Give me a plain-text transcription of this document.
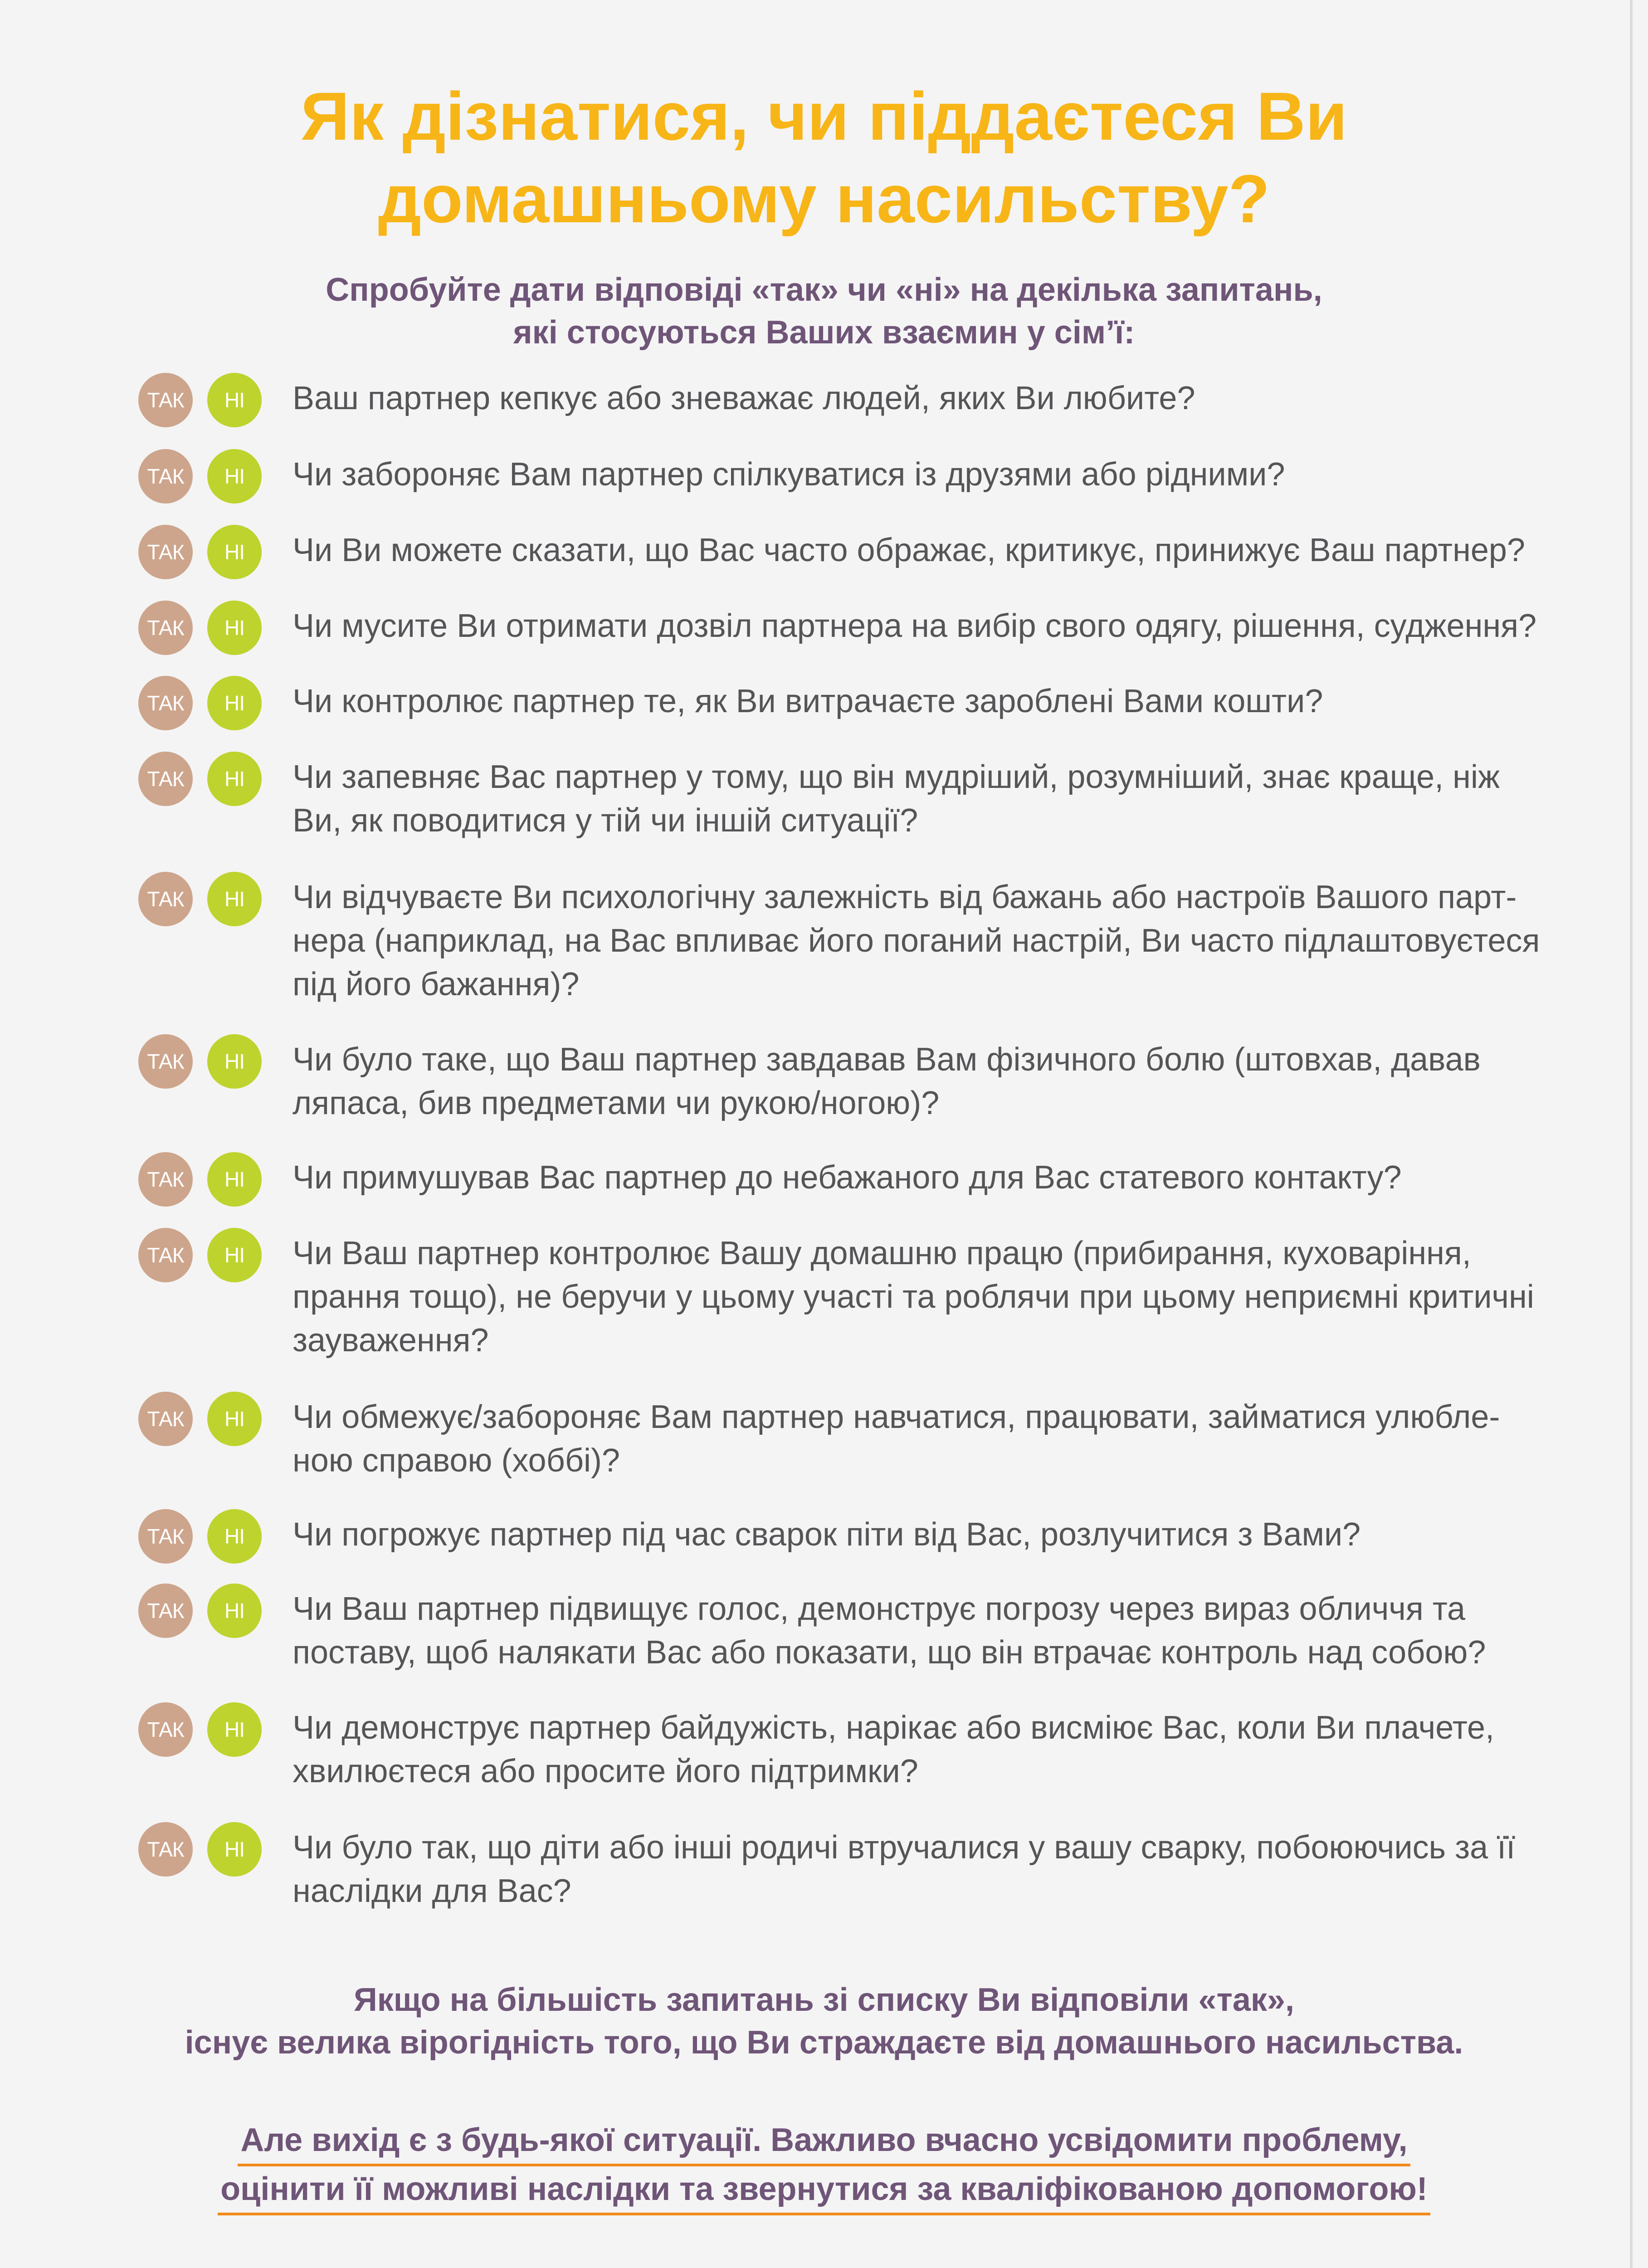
Як дізнатися, чи піддаєтеся Ви
домашньому насильству?
Спробуйте дати відповіді «так» чи «ні» на декілька запитань,
які стосуються Ваших взаємин у сім’ї:
ТАК	НІ	Ваш партнер кепкує або зневажає людей, яких Ви любите?
ТАК	НІ	Чи забороняє Вам партнер спілкуватися із друзями або рідними?
ТАК	НІ	Чи Ви можете сказати, що Вас часто ображає, критикує, принижує Ваш партнер?
ТАК	НІ	Чи мусите Ви отримати дозвіл партнера на вибір свого одягу, рішення, судження?
ТАК	НІ	Чи контролює партнер те, як Ви витрачаєте зароблені Вами кошти?
ТАК	НІ	Чи запевняє Вас партнер у тому, що він мудріший, розумніший, знає краще, ніж
Ви, як поводитися у тій чи іншій ситуації?
ТАК	НІ	Чи відчуваєте Ви психологічну залежність від бажань або настроїв Вашого парт-
нера (наприклад, на Вас впливає його поганий настрій, Ви часто підлаштовуєтеся
під його бажання)?
ТАК	НІ	Чи було таке, що Ваш партнер завдавав Вам фізичного болю (штовхав, давав
ляпаса, бив предметами чи рукою/ногою)?
ТАК	НІ	Чи примушував Вас партнер до небажаного для Вас статевого контакту?
ТАК	НІ	Чи Ваш партнер контролює Вашу домашню працю (прибирання, куховаріння,
прання тощо), не беручи у цьому участі та роблячи при цьому неприємні критичні
зауваження?
ТАК	НІ	Чи обмежує/забороняє Вам партнер навчатися, працювати, займатися улюбле-
ною справою (хоббі)?
ТАК	НІ	Чи погрожує партнер під час сварок піти від Вас, розлучитися з Вами?
ТАК	НІ	Чи Ваш партнер підвищує голос, демонструє погрозу через вираз обличчя та
поставу, щоб налякати Вас або показати, що він втрачає контроль над собою?
ТАК	НІ	Чи демонструє партнер байдужість, нарікає або висміює Вас, коли Ви плачете,
хвилюєтеся або просите його підтримки?
ТАК	НІ	Чи було так, що діти або інші родичі втручалися у вашу сварку, побоюючись за її
наслідки для Вас?
Якщо на більшість запитань зі списку Ви відповіли «так»,
існує велика вірогідність того, що Ви страждаєте від домашнього насильства.
Але вихід є з будь-якої ситуації. Важливо вчасно усвідомити проблему,
оцінити її можливі наслідки та звернутися за кваліфікованою допомогою!
